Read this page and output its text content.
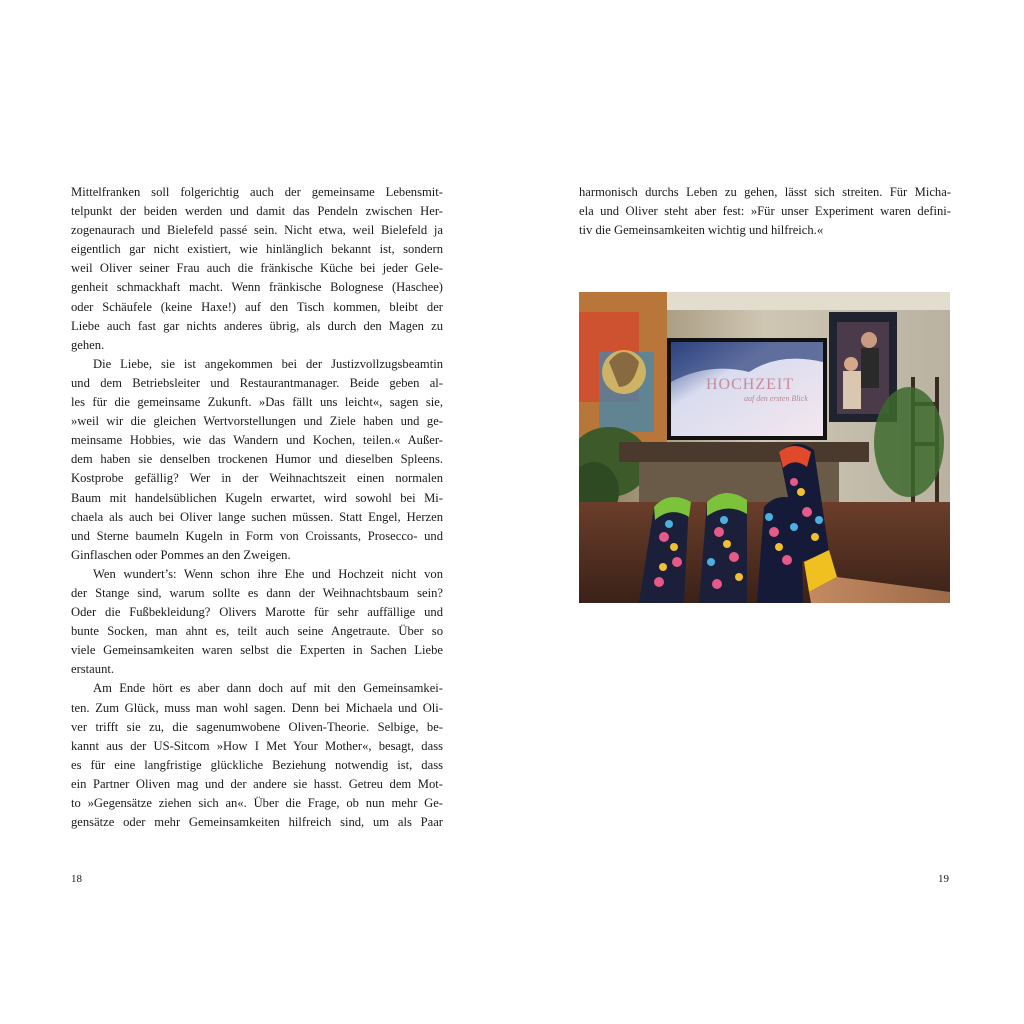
Mittelfranken soll folgerichtig auch der gemeinsame Lebensmit-
telpunkt der beiden werden und damit das Pendeln zwischen Her-
zogenaurach und Bielefeld passé sein. Nicht etwa, weil Bielefeld ja
eigentlich gar nicht existiert, wie hinlänglich bekannt ist, sondern
weil Oliver seiner Frau auch die fränkische Küche bei jeder Gele-
genheit schmackhaft macht. Wenn fränkische Bolognese (Haschee)
oder Schäufele (keine Haxe!) auf den Tisch kommen, bleibt der
Liebe auch fast gar nichts anderes übrig, als durch den Magen zu
gehen.
Die Liebe, sie ist angekommen bei der Justizvollzugsbeamtin
und dem Betriebsleiter und Restaurantmanager. Beide geben al-
les für die gemeinsame Zukunft. »Das fällt uns leicht«, sagen sie,
»weil wir die gleichen Wertvorstellungen und Ziele haben und ge-
meinsame Hobbies, wie das Wandern und Kochen, teilen.« Außer-
dem haben sie denselben trockenen Humor und dieselben Spleens.
Kostprobe gefällig? Wer in der Weihnachtszeit einen normalen
Baum mit handelsüblichen Kugeln erwartet, wird sowohl bei Mi-
chaela als auch bei Oliver lange suchen müssen. Statt Engel, Herzen
und Sterne baumeln Kugeln in Form von Croissants, Prosecco- und
Ginflaschen oder Pommes an den Zweigen.
Wen wundert’s: Wenn schon ihre Ehe und Hochzeit nicht von
der Stange sind, warum sollte es dann der Weihnachtsbaum sein?
Oder die Fußbekleidung? Olivers Marotte für sehr auffällige und
bunte Socken, man ahnt es, teilt auch seine Angetraute. Über so
viele Gemeinsamkeiten waren selbst die Experten in Sachen Liebe
erstaunt.
Am Ende hört es aber dann doch auf mit den Gemeinsamkei-
ten. Zum Glück, muss man wohl sagen. Denn bei Michaela und Oli-
ver trifft sie zu, die sagenumwobene Oliven-Theorie. Selbige, be-
kannt aus der US-Sitcom »How I Met Your Mother«, besagt, dass
es für eine langfristige glückliche Beziehung notwendig ist, dass
ein Partner Oliven mag und der andere sie hasst. Getreu dem Mot-
to »Gegensätze ziehen sich an«. Über die Frage, ob nun mehr Ge-
gensätze oder mehr Gemeinsamkeiten hilfreich sind, um als Paar
18
harmonisch durchs Leben zu gehen, lässt sich streiten. Für Micha-
ela und Oliver steht aber fest: »Für unser Experiment waren defini-
tiv die Gemeinsamkeiten wichtig und hilfreich.«
HOCHZEIT
auf den ersten Blick
19
